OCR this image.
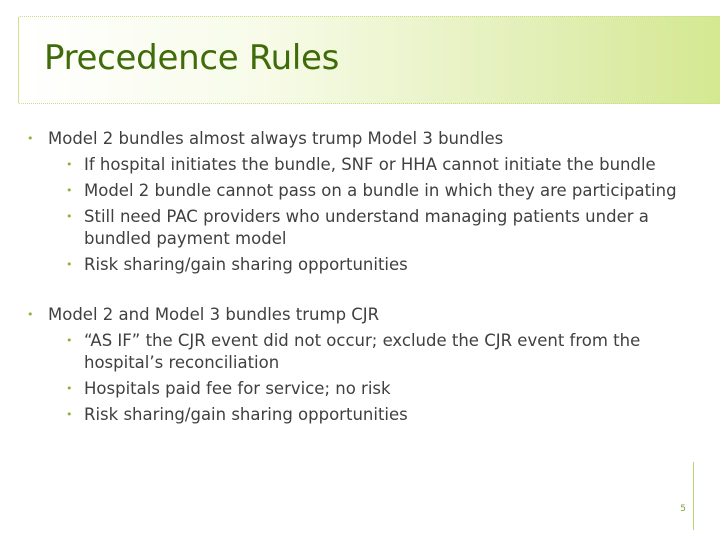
Precedence Rules
• Model 2 bundles almost always trump Model 3 bundles
• If hospital initiates the bundle, SNF or HHA cannot initiate the bundle
• Model 2 bundle cannot pass on a bundle in which they are participating
• Still need PAC providers who understand managing patients under a bundled payment model
• Risk sharing/gain sharing opportunities
• Model 2 and Model 3 bundles trump CJR
• “AS IF” the CJR event did not occur; exclude the CJR event from the hospital’s reconciliation
• Hospitals paid fee for service; no risk
• Risk sharing/gain sharing opportunities
5
